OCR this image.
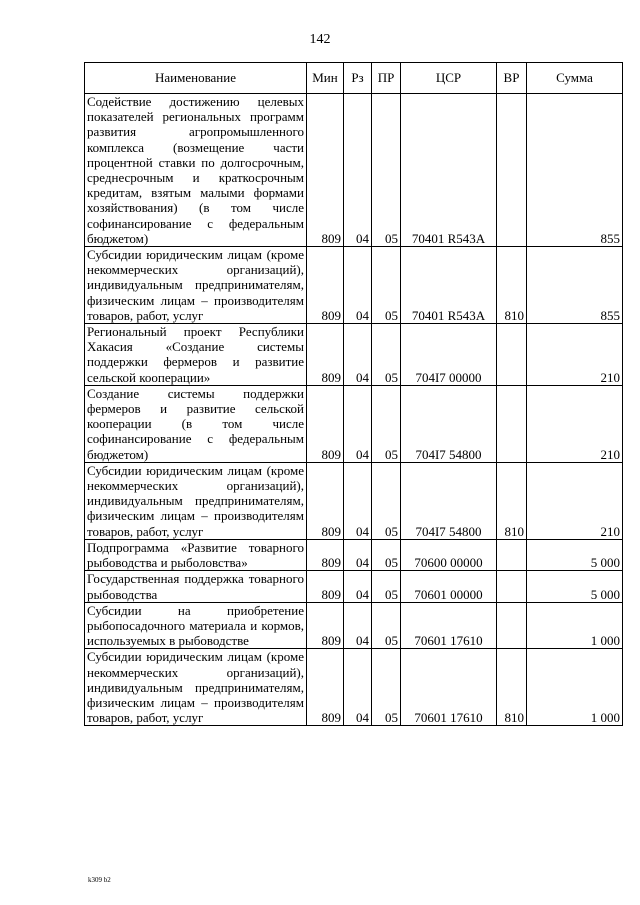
142
Наименование	Мин	Рз	ПР	ЦСР	ВР	Сумма
Содействие достижению целевых показателей региональных программ развития агропромышленного комплекса (возмещение части процентной ставки по долгосрочным, среднесрочным и краткосрочным кредитам, взятым малыми формами хозяйствования) (в том числе софинансирование с федеральным бюджетом)	809	04	05	70401 R543A		855
Субсидии юридическим лицам (кроме некоммерческих организаций), индивидуальным предпринимателям, физическим лицам – производителям товаров, работ, услуг	809	04	05	70401 R543A	810	855
Региональный проект Республики Хакасия «Создание системы поддержки фермеров и развитие сельской кооперации»	809	04	05	704I7 00000		210
Создание системы поддержки фермеров и развитие сельской кооперации (в том числе софинансирование с федеральным бюджетом)	809	04	05	704I7 54800		210
Субсидии юридическим лицам (кроме некоммерческих организаций), индивидуальным предпринимателям, физическим лицам – производителям товаров, работ, услуг	809	04	05	704I7 54800	810	210
Подпрограмма «Развитие товарного рыбоводства и рыболовства»	809	04	05	70600 00000		5 000
Государственная поддержка товарного рыбоводства	809	04	05	70601 00000		5 000
Субсидии на приобретение рыбопосадочного материала и кормов, используемых в рыбоводстве	809	04	05	70601 17610		1 000
Субсидии юридическим лицам (кроме некоммерческих организаций), индивидуальным предпринимателям, физическим лицам – производителям товаров, работ, услуг	809	04	05	70601 17610	810	1 000
k309 b2
